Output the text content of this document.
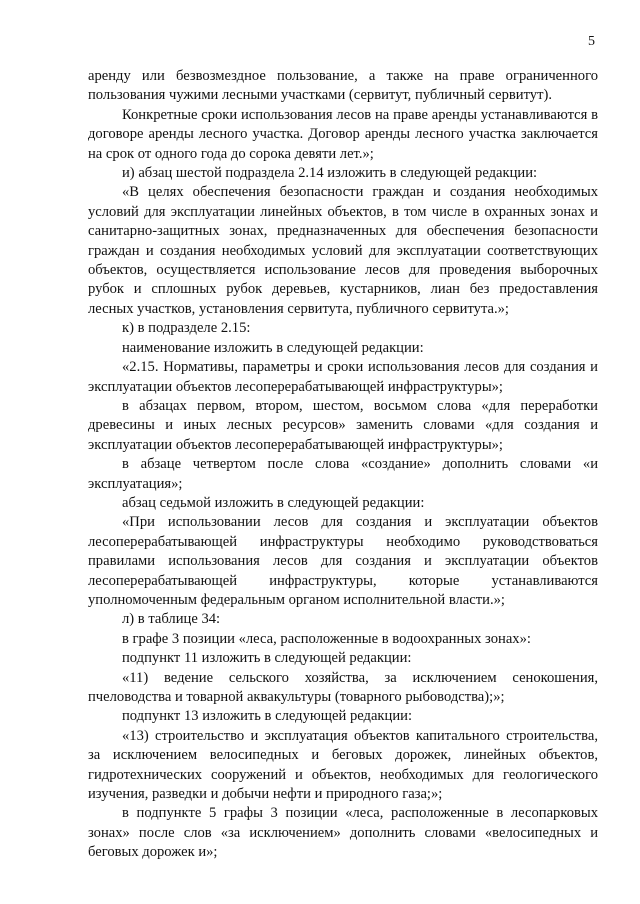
5

аренду или безвозмездное пользование, а также на праве ограниченного пользования чужими лесными участками (сервитут, публичный сервитут).

Конкретные сроки использования лесов на праве аренды устанавливаются в договоре аренды лесного участка. Договор аренды лесного участка заключается на срок от одного года до сорока девяти лет.»;

и) абзац шестой подраздела 2.14 изложить в следующей редакции:

«В целях обеспечения безопасности граждан и создания необходимых условий для эксплуатации линейных объектов, в том числе в охранных зонах и санитарно-защитных зонах, предназначенных для обеспечения безопасности граждан и создания необходимых условий для эксплуатации соответствующих объектов, осуществляется использование лесов для проведения выборочных рубок и сплошных рубок деревьев, кустарников, лиан без предоставления лесных участков, установления сервитута, публичного сервитута.»;

к) в подразделе 2.15:

наименование изложить в следующей редакции:

«2.15. Нормативы, параметры и сроки использования лесов для создания и эксплуатации объектов лесоперерабатывающей инфраструктуры»;

в абзацах первом, втором, шестом, восьмом слова «для переработки древесины и иных лесных ресурсов» заменить словами «для создания и эксплуатации объектов лесоперерабатывающей инфраструктуры»;

в абзаце четвертом после слова «создание» дополнить словами «и эксплуатация»;

абзац седьмой изложить в следующей редакции:

«При использовании лесов для создания и эксплуатации объектов лесоперерабатывающей инфраструктуры необходимо руководствоваться правилами использования лесов для создания и эксплуатации объектов лесоперерабатывающей инфраструктуры, которые устанавливаются уполномоченным федеральным органом исполнительной власти.»;

л) в таблице 34:

в графе 3 позиции «леса, расположенные в водоохранных зонах»:

подпункт 11 изложить в следующей редакции:

«11) ведение сельского хозяйства, за исключением сенокошения, пчеловодства и товарной аквакультуры (товарного рыбоводства);»;

подпункт 13 изложить в следующей редакции:

«13) строительство и эксплуатация объектов капитального строительства, за исключением велосипедных и беговых дорожек, линейных объектов, гидротехнических сооружений и объектов, необходимых для геологического изучения, разведки и добычи нефти и природного газа;»;

в подпункте 5 графы 3 позиции «леса, расположенные в лесопарковых зонах» после слов «за исключением» дополнить словами «велосипедных и беговых дорожек и»;
